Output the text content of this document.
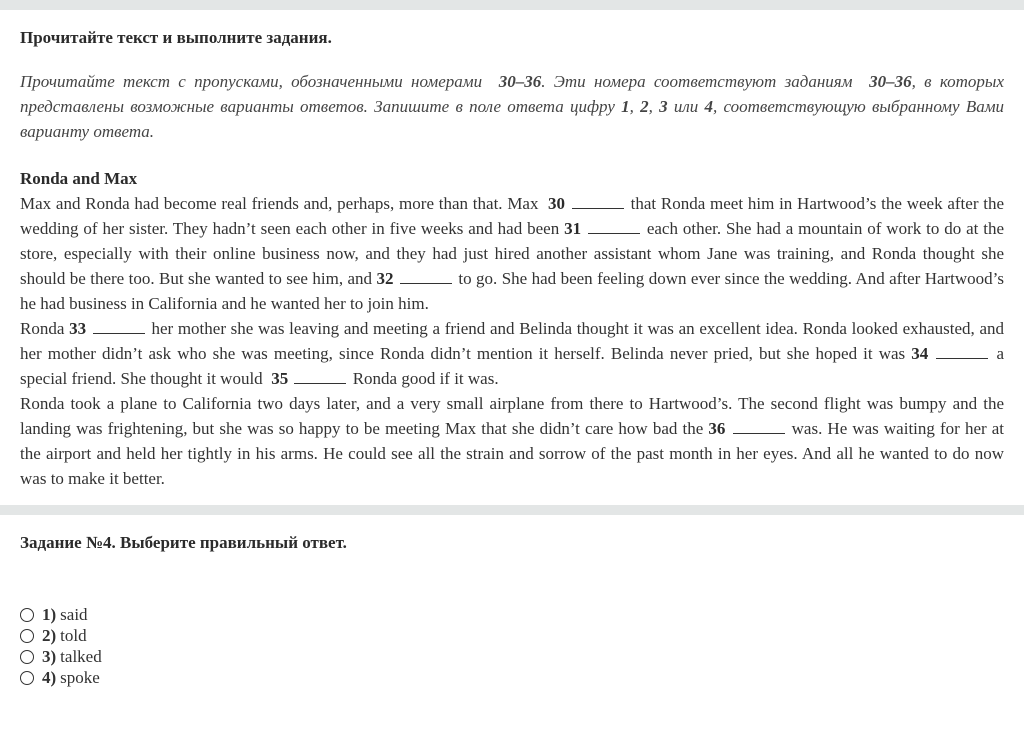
Прочитайте текст и выполните задания.

Прочитайте текст с пропусками, обозначенными номерами 30–36. Эти номера соответствуют заданиям 30–36, в которых представлены возможные варианты ответов. Запишите в поле ответа цифру 1, 2, 3 или 4, соответствующую выбранному Вами варианту ответа.

Ronda and Max

Max and Ronda had become real friends and, perhaps, more than that. Max 30	that Ronda meet him in Hartwood’s the week after the wedding of her sister. They hadn’t seen each other in five weeks and had been 31	each other. She had a mountain of work to do at the store, especially with their online business now, and they had just hired another assistant whom Jane was training, and Ronda thought she should be there too. But she wanted to see him, and 32	to go. She had been feeling down ever since the wedding. And after Hartwood’s he had business in California and he wanted her to join him.

Ronda 33	her mother she was leaving and meeting a friend and Belinda thought it was an excellent idea. Ronda looked exhausted, and her mother didn’t ask who she was meeting, since Ronda didn’t mention it herself. Belinda never pried, but she hoped it was 34	a special friend. She thought it would 35	Ronda good if it was.

Ronda took a plane to California two days later, and a very small airplane from there to Hartwood’s. The second flight was bumpy and the landing was frightening, but she was so happy to be meeting Max that she didn’t care how bad the 36	was. He was waiting for her at the airport and held her tightly in his arms. He could see all the strain and sorrow of the past month in her eyes. And all he wanted to do now was to make it better.

Задание №4. Выберите правильный ответ.
1) said
2) told
3) talked
4) spoke
